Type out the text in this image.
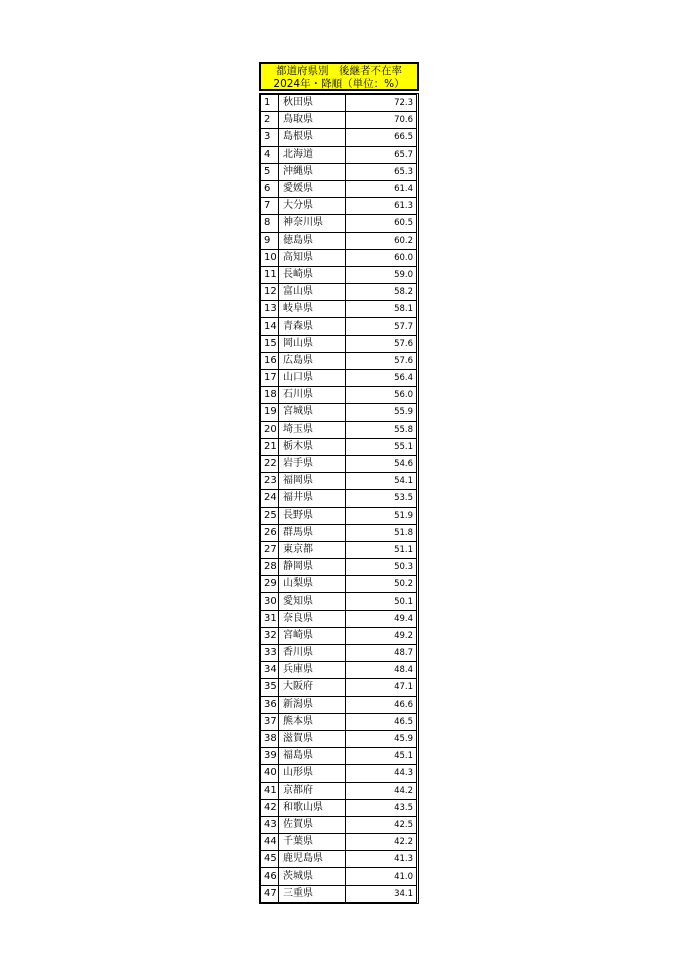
都道府県別　後継者不在率
2024年・降順（単位：%）
1	秋田県	72.3
2	鳥取県	70.6
3	島根県	66.5
4	北海道	65.7
5	沖縄県	65.3
6	愛媛県	61.4
7	大分県	61.3
8	神奈川県	60.5
9	徳島県	60.2
10	高知県	60.0
11	長崎県	59.0
12	富山県	58.2
13	岐阜県	58.1
14	青森県	57.7
15	岡山県	57.6
16	広島県	57.6
17	山口県	56.4
18	石川県	56.0
19	宮城県	55.9
20	埼玉県	55.8
21	栃木県	55.1
22	岩手県	54.6
23	福岡県	54.1
24	福井県	53.5
25	長野県	51.9
26	群馬県	51.8
27	東京都	51.1
28	静岡県	50.3
29	山梨県	50.2
30	愛知県	50.1
31	奈良県	49.4
32	宮崎県	49.2
33	香川県	48.7
34	兵庫県	48.4
35	大阪府	47.1
36	新潟県	46.6
37	熊本県	46.5
38	滋賀県	45.9
39	福島県	45.1
40	山形県	44.3
41	京都府	44.2
42	和歌山県	43.5
43	佐賀県	42.5
44	千葉県	42.2
45	鹿児島県	41.3
46	茨城県	41.0
47	三重県	34.1
